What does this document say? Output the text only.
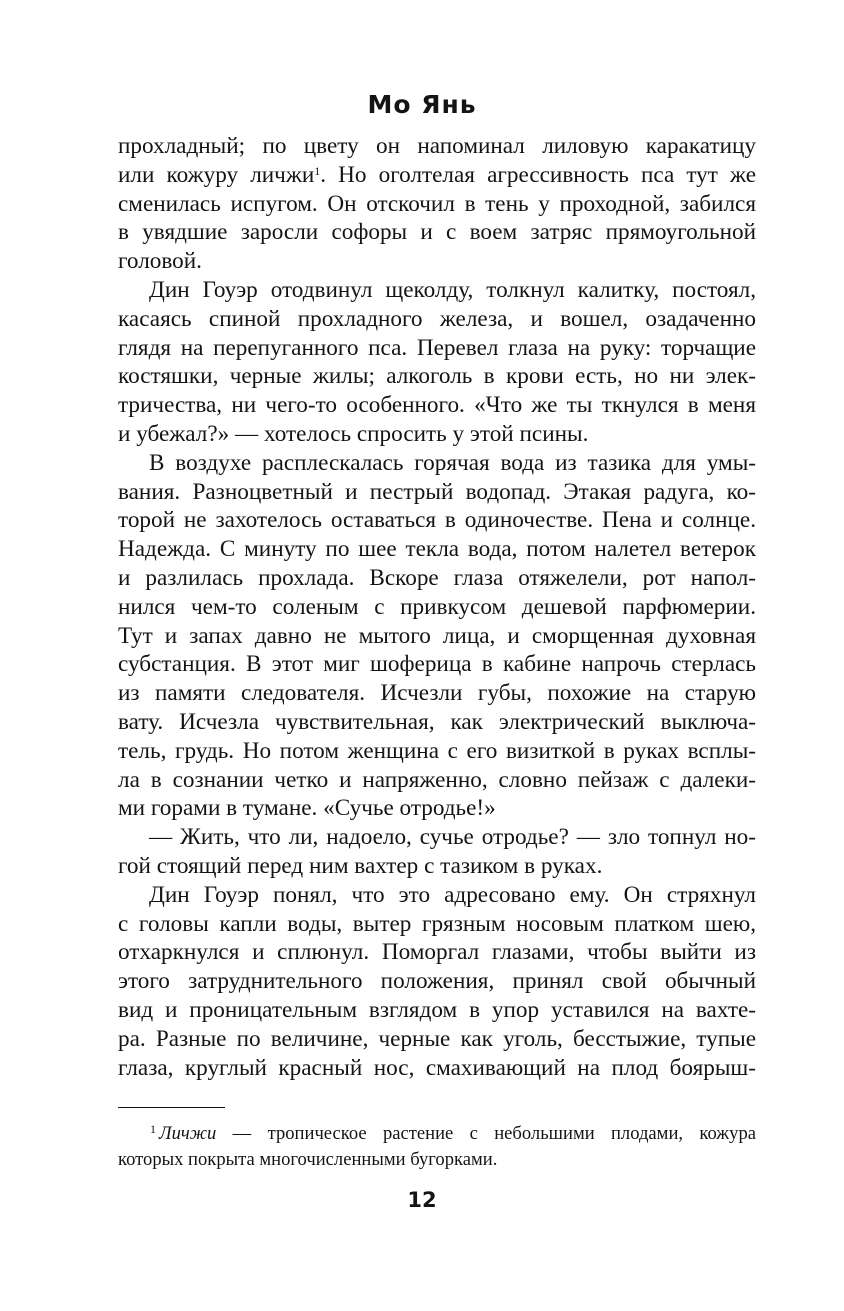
Мо Янь
прохладный; по цвету он напоминал лиловую каракатицу
или кожуру личжи$^1$. Но оголтелая агрессивность пса тут же
сменилась испугом. Он отскочил в тень у проходной, забился
в увядшие заросли софоры и с воем затряс прямоугольной
головой.
Дин Гоуэр отодвинул щеколду, толкнул калитку, постоял,
касаясь спиной прохладного железа, и вошел, озадаченно
глядя на перепуганного пса. Перевел глаза на руку: торчащие
костяшки, черные жилы; алкоголь в крови есть, но ни элек-
тричества, ни чего-то особенного. «Что же ты ткнулся в меня
и убежал?» — хотелось спросить у этой псины.
В воздухе расплескалась горячая вода из тазика для умы-
вания. Разноцветный и пестрый водопад. Этакая радуга, ко-
торой не захотелось оставаться в одиночестве. Пена и солнце.
Надежда. С минуту по шее текла вода, потом налетел ветерок
и разлилась прохлада. Вскоре глаза отяжелели, рот напол-
нился чем-то соленым с привкусом дешевой парфюмерии.
Тут и запах давно не мытого лица, и сморщенная духовная
субстанция. В этот миг шоферица в кабине напрочь стерлась
из памяти следователя. Исчезли губы, похожие на старую
вату. Исчезла чувствительная, как электрический выключа-
тель, грудь. Но потом женщина с его визиткой в руках всплы-
ла в сознании четко и напряженно, словно пейзаж с далеки-
ми горами в тумане. «Сучье отродье!»
— Жить, что ли, надоело, сучье отродье? — зло топнул но-
гой стоящий перед ним вахтер с тазиком в руках.
Дин Гоуэр понял, что это адресовано ему. Он стряхнул
с головы капли воды, вытер грязным носовым платком шею,
отхаркнулся и сплюнул. Поморгал глазами, чтобы выйти из
этого затруднительного положения, принял свой обычный
вид и проницательным взглядом в упор уставился на вахте-
ра. Разные по величине, черные как уголь, бесстыжие, тупые
глаза, круглый красный нос, смахивающий на плод боярыш-
$^1$ Личжи — тропическое растение с небольшими плодами, кожура
которых покрыта многочисленными бугорками.
12
